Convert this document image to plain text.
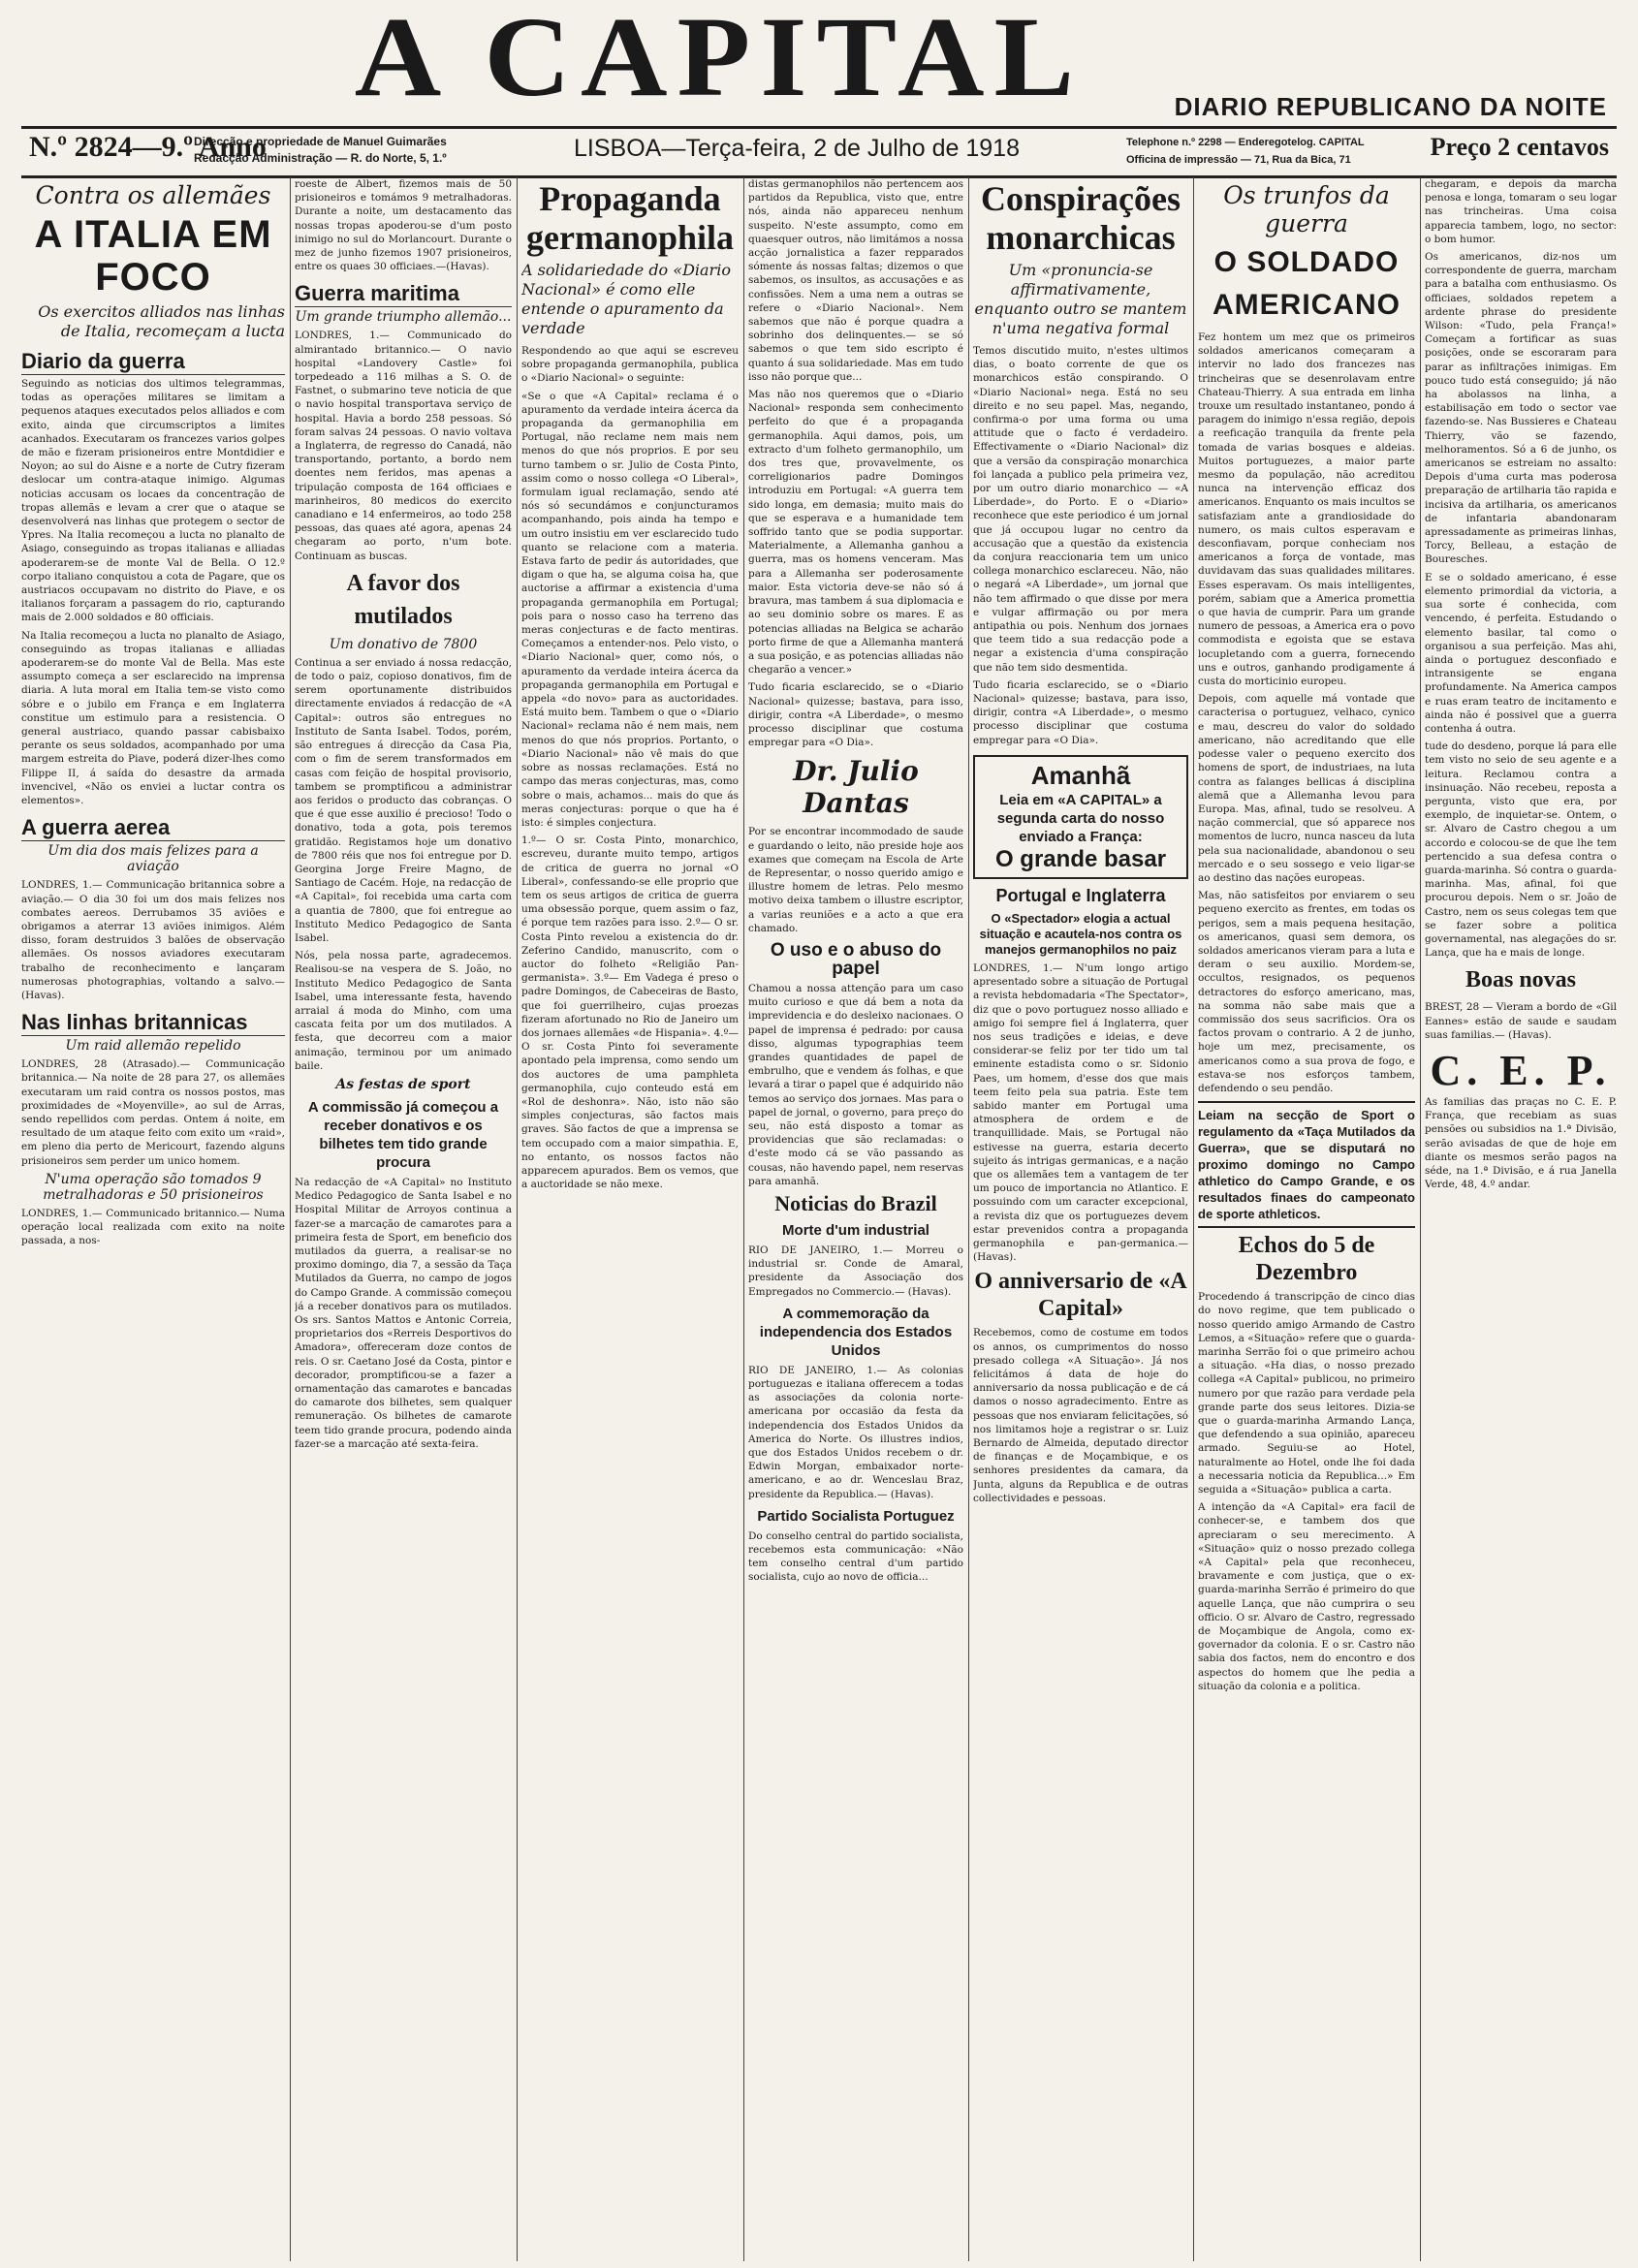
A CAPITAL	DIARIO REPUBLICANO DA NOITE
N.º 2824—9.º Anno
Direcção e propriedade de Manuel Guimarães
Redacção Administração — R. do Norte, 5, 1.º	LISBOA—Terça-feira, 2 de Julho de 1918	Telephone n.º 2298 — Enderegotelog. CAPITAL
Officina de impressão — 71, Rua da Bica, 71	Preço 2 centavos
Contra os allemães
A ITALIA EM FOCO
Os exercitos alliados nas linhas de Italia, recomeçam a lucta
Diario da guerra

Seguindo as noticias dos ultimos telegrammas, todas as operações militares se limitam a pequenos ataques executados pelos alliados e com exito, ainda que circumscriptos a limites acanhados. Executaram os francezes varios golpes de mão e fizeram prisioneiros entre Montdidier e Noyon; ao sul do Aisne e a norte de Cutry fizeram deslocar um contra-ataque inimigo. Algumas noticias accusam os locaes da concentração de tropas allemãs e levam a crer que o ataque se desenvolverá nas linhas que protegem o sector de Ypres. Na Italia recomeçou a lucta no planalto de Asiago, conseguindo as tropas italianas e alliadas apoderarem-se de monte Val de Bella. O 12.º corpo italiano conquistou a cota de Pagare, que os austriacos occupavam no distrito do Piave, e os italianos forçaram a passagem do rio, capturando mais de 2.000 soldados e 80 officiais.

Na Italia recomeçou a lucta no planalto de Asiago, conseguindo as tropas italianas e alliadas apoderarem-se do monte Val de Bella. Mas este assumpto começa a ser esclarecido na imprensa diaria. A luta moral em Italia tem-se visto como sóbre e o jubilo em França e em Inglaterra constitue um estimulo para a resistencia. O general austriaco, quando passar cabisbaixo perante os seus soldados, acompanhado por uma margem estreita do Piave, poderá dizer-lhes como Filippe II, á saída do desastre da armada invencivel, «Não os enviei a luctar contra os elementos».

A guerra aerea
Um dia dos mais felizes para a aviação

LONDRES, 1.— Communicação britannica sobre a aviação.— O dia 30 foi um dos mais felizes nos combates aereos. Derrubamos 35 aviões e obrigamos a aterrar 13 aviões inimigos. Além disso, foram destruidos 3 balões de observação allemães. Os nossos aviadores executaram trabalho de reconhecimento e lançaram numerosas photographias, voltando a salvo.— (Havas).

Nas linhas britannicas
Um raid allemão repelido

LONDRES, 28 (Atrasado).— Communicação britannica.— Na noite de 28 para 27, os allemães executaram um raid contra os nossos postos, mas proximidades de «Moyenville», ao sul de Arras, sendo repellidos com perdas. Ontem á noite, em resultado de um ataque feito com exito um «raid», em pleno dia perto de Mericourt, fazendo alguns prisioneiros sem perder um unico homem.

N'uma operação são tomados 9 metralhadoras e 50 prisioneiros

LONDRES, 1.— Communicado britannico.— Numa operação local realizada com exito na noite passada, a nos-

roeste de Albert, fizemos mais de 50 prisioneiros e tomámos 9 metralhadoras. Durante a noite, um destacamento das nossas tropas apoderou-se d'um posto inimigo no sul do Morlancourt. Durante o mez de junho fizemos 1907 prisioneiros, entre os quaes 30 officiaes.—(Havas).

Guerra maritima
Um grande triumpho allemão...

LONDRES, 1.— Communicado do almirantado britannico.— O navio hospital «Landovery Castle» foi torpedeado a 116 milhas a S. O. de Fastnet, o submarino teve noticia de que o navio hospital transportava serviço de hospital. Havia a bordo 258 pessoas. Só foram salvas 24 pessoas. O navio voltava a Inglaterra, de regresso do Canadá, não transportando, portanto, a bordo nem doentes nem feridos, mas apenas a tripulação composta de 164 officiaes e marinheiros, 80 medicos do exercito canadiano e 14 enfermeiros, ao todo 258 pessoas, das quaes até agora, apenas 24 chegaram ao porto, n'um bote. Continuam as buscas.

A favor dos mutilados
Um donativo de 7800

Continua a ser enviado á nossa redacção, de todo o paiz, copioso donativos, fim de serem oportunamente distribuidos directamente enviados á redacção de «A Capital»: outros são entregues no Instituto de Santa Isabel. Todos, porém, são entregues á direcção da Casa Pia, com o fim de serem transformados em casas com feição de hospital provisorio, tambem se promptificou a administrar aos feridos o producto das cobranças. O que é que esse auxilio é precioso! Todo o donativo, toda a gota, pois teremos gratidão. Registamos hoje um donativo de 7800 réis que nos foi entregue por D. Georgina Jorge Freire Magno, de Santiago de Cacém. Hoje, na redacção de «A Capital», foi recebida uma carta com a quantia de 7800, que foi entregue ao Instituto Medico Pedagogico de Santa Isabel.

Nós, pela nossa parte, agradecemos. Realisou-se na vespera de S. João, no Instituto Medico Pedagogico de Santa Isabel, uma interessante festa, havendo arraial á moda do Minho, com uma cascata feita por um dos mutilados. A festa, que decorreu com a maior animação, terminou por um animado baile.

As festas de sport
A commissão já começou a receber donativos e os bilhetes tem tido grande procura

Na redacção de «A Capital» no Instituto Medico Pedagogico de Santa Isabel e no Hospital Militar de Arroyos continua a fazer-se a marcação de camarotes para a primeira festa de Sport, em beneficio dos mutilados da guerra, a realisar-se no proximo domingo, dia 7, a sessão da Taça Mutilados da Guerra, no campo de jogos do Campo Grande. A commissão começou já a receber donativos para os mutilados. Os srs. Santos Mattos e Antonic Correia, proprietarios dos «Rerreis Desportivos do Amadora», offereceram doze contos de reis. O sr. Caetano José da Costa, pintor e decorador, promptificou-se a fazer a ornamentação das camarotes e bancadas do camarote dos bilhetes, sem qualquer remuneração. Os bilhetes de camarote teem tido grande procura, podendo ainda fazer-se a marcação até sexta-feira.

Propaganda germanophila
A solidariedade do «Diario Nacional» é como elle entende o apuramento da verdade

Respondendo ao que aqui se escreveu sobre propaganda germanophila, publica o «Diario Nacional» o seguinte:

«Se o que «A Capital» reclama é o apuramento da verdade inteira ácerca da propaganda da germanophilia em Portugal, não reclame nem mais nem menos do que nós proprios. E por seu turno tambem o sr. Julio de Costa Pinto, assim como o nosso collega «O Liberal», formulam igual reclamação, sendo até nós só secundámos e conjuncturamos acompanhando, pois ainda ha tempo e um outro insistiu em ver esclarecido tudo quanto se relacione com a materia. Estava farto de pedir ás autoridades, que digam o que ha, se alguma coisa ha, que auctorise a affirmar a existencia d'uma propaganda germanophila em Portugal; pois para o nosso caso ha terreno das meras conjecturas e de facto mentiras. Começamos a entender-nos. Pelo visto, o «Diario Nacional» quer, como nós, o apuramento da verdade inteira ácerca da propaganda germanophila em Portugal e appela «do novo» para as auctoridades. Está muito bem. Tambem o que o «Diario Nacional» reclama não é nem mais, nem menos do que nós proprios. Portanto, o «Diario Nacional» não vê mais do que sobre as nossas reclamações. Está no campo das meras conjecturas, mas, como sobre o mais, achamos... mais do que ás meras conjecturas: porque o que ha é isto: é simples conjectura.

1.º— O sr. Costa Pinto, monarchico, escreveu, durante muito tempo, artigos de critica de guerra no jornal «O Liberal», confessando-se elle proprio que tem os seus artigos de critica de guerra uma obsessão porque, quem assim o faz, é porque tem razões para isso. 2.º— O sr. Costa Pinto revelou a existencia do dr. Zeferino Candido, manuscrito, com o auctor do folheto «Religião Pan-germanista». 3.º— Em Vadega é preso o padre Domingos, de Cabeceiras de Basto, que foi guerrilheiro, cujas proezas fizeram afortunado no Rio de Janeiro um dos jornaes allemães «de Hispania». 4.º— O sr. Costa Pinto foi severamente apontado pela imprensa, como sendo um dos auctores de uma pamphleta germanophila, cujo conteudo está em «Rol de deshonra». Não, isto não são simples conjecturas, são factos mais graves. São factos de que a imprensa se tem occupado com a maior simpathia. E, no entanto, os nossos factos não apparecem apurados. Bem os vemos, que a auctoridade se não mexe.

distas germanophilos não pertencem aos partidos da Republica, visto que, entre nós, ainda não appareceu nenhum suspeito. N'este assumpto, como em quaesquer outros, não limitámos a nossa acção jornalistica a fazer repparados sómente ás nossas faltas; dizemos o que sabemos, os insultos, as accusações e as confissões. Nem a uma nem a outras se refere o «Diario Nacional». Nem sabemos que não é porque quadra a sobrinho dos delinquentes.— se só sabemos o que tem sido escripto é quanto á sua solidariedade. Mas em tudo isso não porque que...

Mas não nos queremos que o «Diario Nacional» responda sem conhecimento perfeito do que é a propaganda germanophila. Aqui damos, pois, um extracto d'um folheto germanophilo, um dos tres que, provavelmente, os correligionarios padre Domingos introduziu em Portugal: «A guerra tem sido longa, em demasia; muito mais do que se esperava e a humanidade tem soffrido tanto que se podia supportar. Materialmente, a Allemanha ganhou a guerra, mas os homens venceram. Mas para a Allemanha ser poderosamente maior. Esta victoria deve-se não só á bravura, mas tambem á sua diplomacia e ao seu dominio sobre os mares. E as potencias alliadas na Belgica se acharão porto firme de que a Allemanha manterá a sua posição, e as potencias alliadas não chegarão a vencer.»

Tudo ficaria esclarecido, se o «Diario Nacional» quizesse; bastava, para isso, dirigir, contra «A Liberdade», o mesmo processo disciplinar que costuma empregar para «O Dia».

Dr. Julio Dantas

Por se encontrar incommodado de saude e guardando o leito, não preside hoje aos exames que começam na Escola de Arte de Representar, o nosso querido amigo e illustre homem de letras. Pelo mesmo motivo deixa tambem o illustre escriptor, a varias reuniões e a acto a que era chamado.

O uso e o abuso do papel

Chamou a nossa attenção para um caso muito curioso e que dá bem a nota da imprevidencia e do desleixo nacionaes. O papel de imprensa é pedrado: por causa disso, algumas typographias teem grandes quantidades de papel de embrulho, que e vendem ás folhas, e que levará a tirar o papel que é adquirido não temos ao serviço dos jornaes. Mas para o papel de jornal, o governo, para preço do seu, não está disposto a tomar as providencias que são reclamadas: o d'este modo cá se vão passando as cousas, não havendo papel, nem reservas para amanhã.

Noticias do Brazil
Morte d'um industrial

RIO DE JANEIRO, 1.— Morreu o industrial sr. Conde de Amaral, presidente da Associação dos Empregados no Commercio.— (Havas).

A commemoração da independencia dos Estados Unidos

RIO DE JANEIRO, 1.— As colonias portuguezas e italiana offerecem a todas as associações da colonia norte-americana por occasião da festa da independencia dos Estados Unidos da America do Norte. Os illustres indios, que dos Estados Unidos recebem o dr. Edwin Morgan, embaixador norte-americano, e ao dr. Wenceslau Braz, presidente da Republica.— (Havas).

Partido Socialista Portuguez

Do conselho central do partido socialista, recebemos esta communicação: «Não tem conselho central d'um partido socialista, cujo ao novo de officia...

Conspirações monarchicas
Um «pronuncia-se affirmativamente, enquanto outro se mantem n'uma negativa formal

Temos discutido muito, n'estes ultimos dias, o boato corrente de que os monarchicos estão conspirando. O «Diario Nacional» nega. Está no seu direito e no seu papel. Mas, negando, confirma-o por uma forma ou uma attitude que o facto é verdadeiro. Effectivamente o «Diario Nacional» diz que a versão da conspiração monarchica foi lançada a publico pela primeira vez, por um outro diario monarchico — «A Liberdade», do Porto. E o «Diario» reconhece que este periodico é um jornal que já occupou lugar no centro da accusação que a questão da existencia da conjura reaccionaria tem um unico collega monarchico esclareceu. Não, não o negará «A Liberdade», um jornal que não tem affirmado o que disse por mera e vulgar affirmação ou por mera antipathia ou pois. Nenhum dos jornaes que teem tido a sua redacção pode a negar a existencia d'uma conspiração que não tem sido desmentida.

Tudo ficaria esclarecido, se o «Diario Nacional» quizesse; bastava, para isso, dirigir, contra «A Liberdade», o mesmo processo disciplinar que costuma empregar para «O Dia».

Amanhã
Leia em «A CAPITAL» a segunda carta do nosso enviado a França:
O grande basar
Portugal e Inglaterra
O «Spectador» elogia a actual situação e acautela-nos contra os manejos germanophilos no paiz

LONDRES, 1.— N'um longo artigo apresentado sobre a situação de Portugal a revista hebdomadaria «The Spectator», diz que o povo portuguez nosso alliado e amigo foi sempre fiel á Inglaterra, quer nos seus tradições e ideias, e deve considerar-se feliz por ter tido um tal eminente estadista como o sr. Sidonio Paes, um homem, d'esse dos que mais teem feito pela sua patria. Este tem sabido manter em Portugal uma atmosphera de ordem e de tranquillidade. Mais, se Portugal não estivesse na guerra, estaria decerto sujeito ás intrigas germanicas, e a nação que os allemães tem a vantagem de ter um pouco de importancia no Atlantico. E possuindo com um caracter excepcional, a revista diz que os portuguezes devem estar prevenidos contra a propaganda germanophila e pan-germanica.—(Havas).

O anniversario de «A Capital»

Recebemos, como de costume em todos os annos, os cumprimentos do nosso presado collega «A Situação». Já nos felicitámos á data de hoje do anniversario da nossa publicação e de cá damos o nosso agradecimento. Entre as pessoas que nos enviaram felicitações, só nos limitamos hoje a registrar o sr. Luiz Bernardo de Almeida, deputado director de finanças e de Moçambique, e os senhores presidentes da camara, da Junta, alguns da Republica e de outras collectividades e pessoas.

Os trunfos da guerra
O SOLDADO AMERICANO

Fez hontem um mez que os primeiros soldados americanos começaram a intervir no lado dos francezes nas trincheiras que se desenrolavam entre Chateau-Thierry. A sua entrada em linha trouxe um resultado instantaneo, pondo á paragem do inimigo n'essa região, depois a reeficação tranquila da frente pela tomada de varias bosques e aldeias. Muitos portuguezes, a maior parte mesmo da população, não acreditou nunca na intervenção efficaz dos americanos. Enquanto os mais incultos se satisfaziam ante a grandiosidade do numero, os mais cultos esperavam e desconfiavam, porque conheciam nos americanos a força de vontade, mas duvidavam das suas qualidades militares. Esses esperavam. Os mais intelligentes, porém, sabiam que a America promettia o que havia de cumprir. Para um grande numero de pessoas, a America era o povo commodista e egoista que se estava locupletando com a guerra, fornecendo uns e outros, ganhando prodigamente á custa do morticinio europeu.

Depois, com aquelle má vontade que caracterisa o portuguez, velhaco, cynico e mau, descreu do valor do soldado americano, não acreditando que elle podesse valer o pequeno exercito dos homens de sport, de industriaes, na luta contra as falanges bellicas á disciplina alemã que a Allemanha levou para Europa. Mas, afinal, tudo se resolveu. A nação commercial, que só apparece nos momentos de lucro, nunca nasceu da luta pela sua nacionalidade, abandonou o seu mercado e o seu sossego e veio ligar-se ao destino das nações europeas.

Mas, não satisfeitos por enviarem o seu pequeno exercito as frentes, em todas os perigos, sem a mais pequena hesitação, os americanos, quasi sem demora, os soldados americanos vieram para a luta e deram o seu auxilio. Mordem-se, occultos, resignados, os pequenos detractores do esforço americano, mas, na somma não sabe mais que a commissão dos seus sacrificios. Ora os factos provam o contrario. A 2 de junho, hoje um mez, precisamente, os americanos como a sua prova de fogo, e estava-se nos esforços tambem, defendendo o seu pendão.

Leiam na secção de Sport o regulamento da «Taça Mutilados da Guerra», que se disputará no proximo domingo no Campo athletico do Campo Grande, e os resultados finaes do campeonato de sporte athleticos.
Echos do 5 de Dezembro

Procedendo á transcripção de cinco dias do novo regime, que tem publicado o nosso querido amigo Armando de Castro Lemos, a «Situação» refere que o guarda-marinha Serrão foi o que primeiro achou a situação. «Ha dias, o nosso prezado collega «A Capital» publicou, no primeiro numero por que razão para verdade pela grande parte dos seus leitores. Dizia-se que o guarda-marinha Armando Lança, que defendendo a sua opinião, apareceu armado. Seguiu-se ao Hotel, naturalmente ao Hotel, onde lhe foi dada a necessaria noticia da Republica...» Em seguida a «Situação» publica a carta.

A intenção da «A Capital» era facil de conhecer-se, e tambem dos que apreciaram o seu merecimento. A «Situação» quiz o nosso prezado collega «A Capital» pela que reconheceu, bravamente e com justiça, que o ex-guarda-marinha Serrão é primeiro do que aquelle Lança, que não cumprira o seu officio. O sr. Alvaro de Castro, regressado de Moçambique de Angola, como ex-governador da colonia. E o sr. Castro não sabia dos factos, nem do encontro e dos aspectos do homem que lhe pedia a situação da colonia e a politica.

chegaram, e depois da marcha penosa e longa, tomaram o seu logar nas trincheiras. Uma coisa apparecia tambem, logo, no sector: o bom humor.

Os americanos, diz-nos um correspondente de guerra, marcham para a batalha com enthusiasmo. Os officiaes, soldados repetem a ardente phrase do presidente Wilson: «Tudo, pela França!» Começam a fortificar as suas posições, onde se escoraram para parar as infiltrações inimigas. Em pouco tudo está conseguido; já não ha abolassos na linha, a estabilisação em todo o sector vae fazendo-se. Nas Bussieres e Chateau Thierry, vão se fazendo, melhoramentos. Só a 6 de junho, os americanos se estreiam no assalto: Depois d'uma curta mas poderosa preparação de artilharia tão rapida e incisiva da artilharia, os americanos de infantaria abandonaram apressadamente as primeiras linhas, Torcy, Belleau, a estação de Bouresches.

E se o soldado americano, é esse elemento primordial da victoria, a sua sorte é conhecida, com vencendo, é perfeita. Estudando o elemento basilar, tal como o organisou a sua perfeição. Mas ahi, ainda o portuguez desconfiado e intransigente se engana profundamente. Na America campos e ruas eram teatro de incitamento e ainda não é possivel que a guerra contenha á outra.

tude do desdeno, porque lá para elle tem visto no seio de seu agente e a leitura. Reclamou contra a insinuação. Não recebeu, reposta a pergunta, visto que era, por exemplo, de inquietar-se. Ontem, o sr. Alvaro de Castro chegou a um accordo e colocou-se de que lhe tem pertencido a sua defesa contra o guarda-marinha. Só contra o guarda-marinha. Mas, afinal, foi que procurou depois. Nem o sr. João de Castro, nem os seus colegas tem que se fazer sobre a politica governamental, nas alegações do sr. Lança, que ha e mais de longe.

Boas novas

BREST, 28 — Vieram a bordo de «Gil Eannes» estão de saude e saudam suas familias.— (Havas).

C. E. P.

As familias das praças no C. E. P. França, que recebiam as suas pensões ou subsidios na 1.ª Divisão, serão avisadas de que de hoje em diante os mesmos serão pagos na séde, na 1.ª Divisão, e á rua Janella Verde, 48, 4.º andar.
